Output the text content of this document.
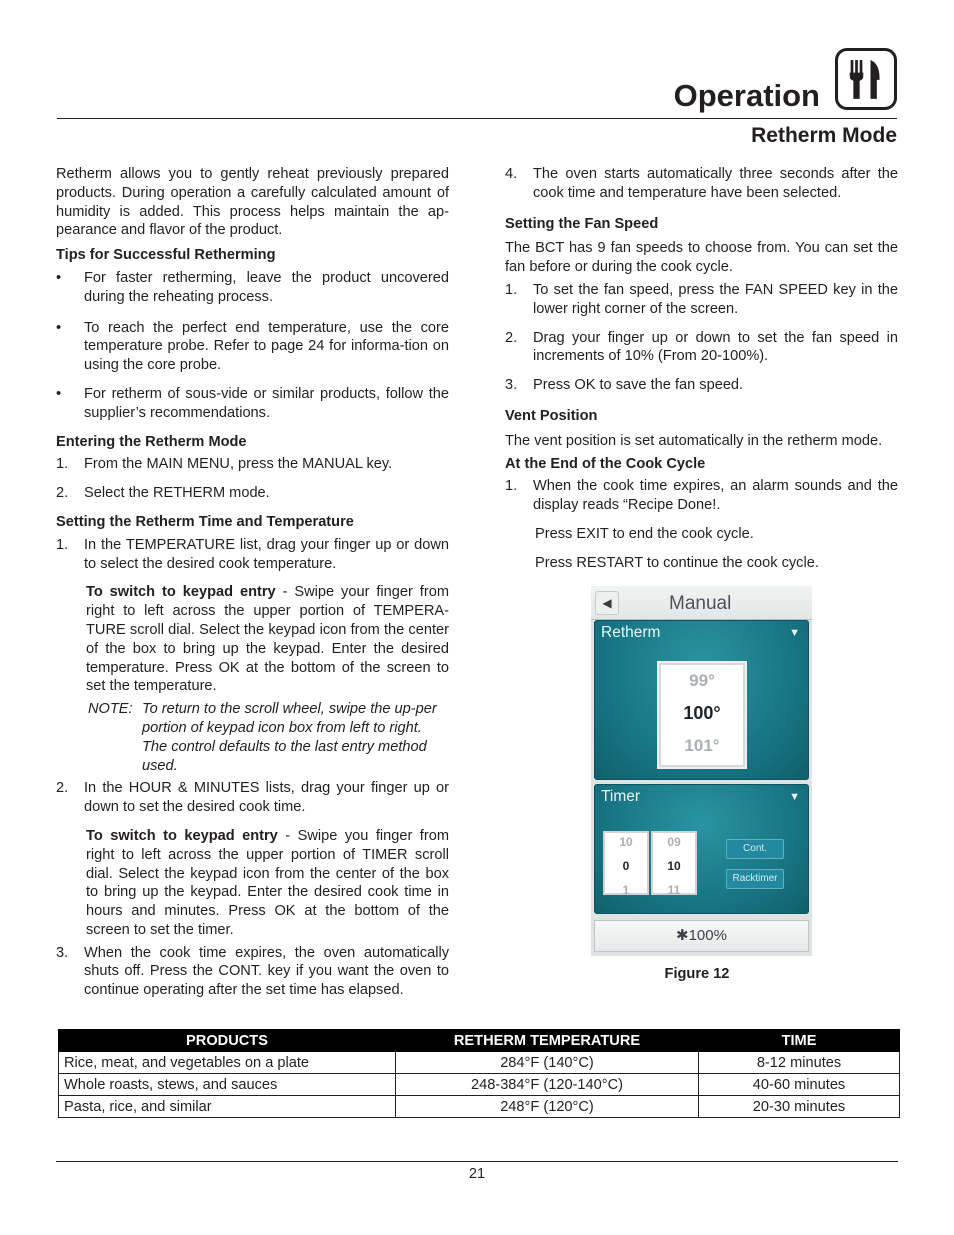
Operation
Retherm Mode

Retherm allows you to gently reheat previously prepared products. During operation a carefully calculated amount of humidity is added. This process helps maintain the ap-pearance and flavor of the product.

Tips for Successful Retherming
• For faster retherming, leave the product uncovered during the reheating process.
• To reach the perfect end temperature, use the core temperature probe. Refer to page 24 for informa-tion on using the core probe.
• For retherm of sous-vide or similar products, follow the supplier’s recommendations.
Entering the Retherm Mode
1. From the MAIN MENU, press the MANUAL key.
2. Select the RETHERM mode.
Setting the Retherm Time and Temperature
1. In the TEMPERATURE list, drag your finger up or down to select the desired cook temperature.

To switch to keypad entry - Swipe your finger from right to left across the upper portion of TEMPERA-TURE scroll dial. Select the keypad icon from the center of the box to bring up the keypad. Enter the desired temperature. Press OK at the bottom of the screen to set the temperature.

NOTE: To return to the scroll wheel, swipe the up-per portion of keypad icon box from left to right. The control defaults to the last entry method used.
2. In the HOUR & MINUTES lists, drag your finger up or down to set the desired cook time.

To switch to keypad entry - Swipe you finger from right to left across the upper portion of TIMER scroll dial. Select the keypad icon from the center of the box to bring up the keypad. Enter the desired cook time in hours and minutes. Press OK at the bottom of the screen to set the timer.

3. When the cook time expires, the oven automatically shuts off. Press the CONT. key if you want the oven to continue operating after the set time has elapsed.
4. The oven starts automatically three seconds after the cook time and temperature have been selected.
Setting the Fan Speed

The BCT has 9 fan speeds to choose from. You can set the fan before or during the cook cycle.

1. To set the fan speed, press the FAN SPEED key in the lower right corner of the screen.
2. Drag your finger up or down to set the fan speed in increments of 10% (From 20-100%).
3. Press OK to save the fan speed.
Vent Position

The vent position is set automatically in the retherm mode.

At the End of the Cook Cycle
1. When the cook time expires, an alarm sounds and the display reads “Recipe Done!.

Press EXIT to end the cook cycle.

Press RESTART to continue the cook cycle.

◀	Manual
Retherm	▼
99°
100°
101°
Timer	▼
10
0
1
09
10
11
Cont.
Racktimer
✱100%
Figure 12
PRODUCTS	RETHERM TEMPERATURE	TIME
Rice, meat, and vegetables on a plate	284°F (140°C)	8-12 minutes
Whole roasts, stews, and sauces	248-384°F (120-140°C)	40-60 minutes
Pasta, rice, and similar	248°F (120°C)	20-30 minutes
21
